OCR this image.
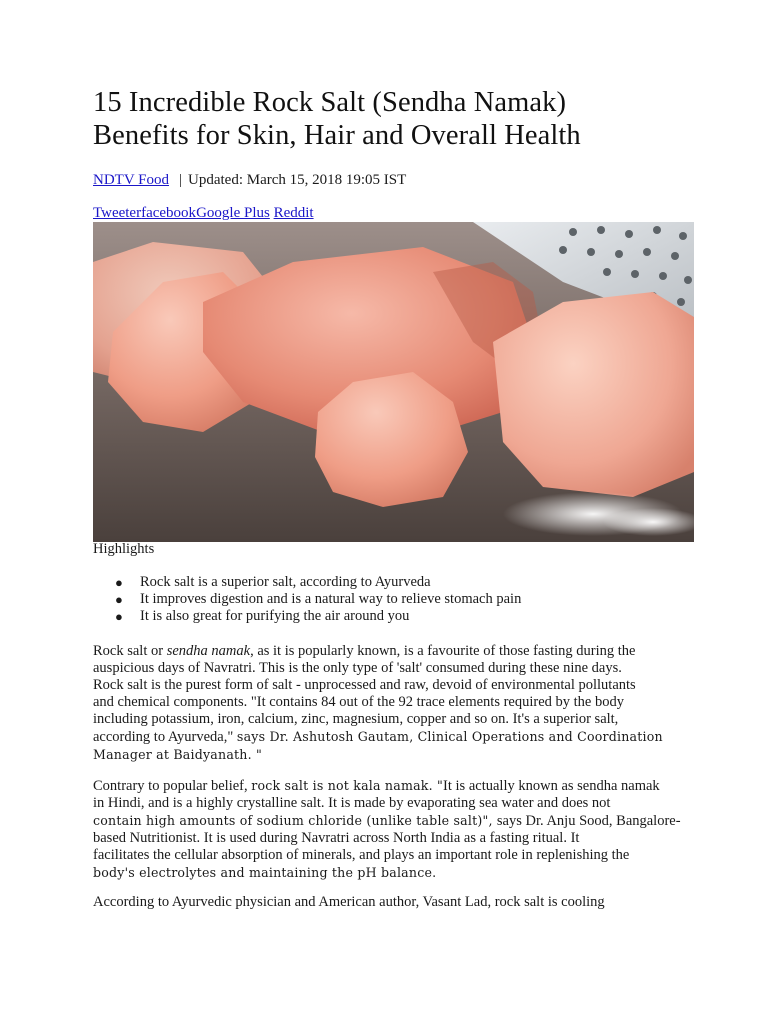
15 Incredible Rock Salt (Sendha Namak)
Benefits for Skin, Hair and Overall Health
NDTV Food | Updated: March 15, 2018 19:05 IST
TweeterfacebookGoogle Plus Reddit
Highlights
● Rock salt is a superior salt, according to Ayurveda
● It improves digestion and is a natural way to relieve stomach pain
● It is also great for purifying the air around you

Rock salt or sendha namak, as it is popularly known, is a favourite of those fasting during the
auspicious days of Navratri. This is the only type of 'salt' consumed during these nine days.
Rock salt is the purest form of salt - unprocessed and raw, devoid of environmental pollutants
and chemical components. "It contains 84 out of the 92 trace elements required by the body
including potassium, iron, calcium, zinc, magnesium, copper and so on. It's a superior salt,
according to Ayurveda," says Dr. Ashutosh Gautam, Clinical Operations and Coordination
Manager at Baidyanath. "

Contrary to popular belief, rock salt is not kala namak. "It is actually known as sendha namak
in Hindi, and is a highly crystalline salt. It is made by evaporating sea water and does not
contain high amounts of sodium chloride (unlike table salt)", says Dr. Anju Sood, Bangalore-
based Nutritionist. It is used during Navratri across North India as a fasting ritual. It
facilitates the cellular absorption of minerals, and plays an important role in replenishing the
body's electrolytes and maintaining the pH balance.

According to Ayurvedic physician and American author, Vasant Lad, rock salt is cooling
